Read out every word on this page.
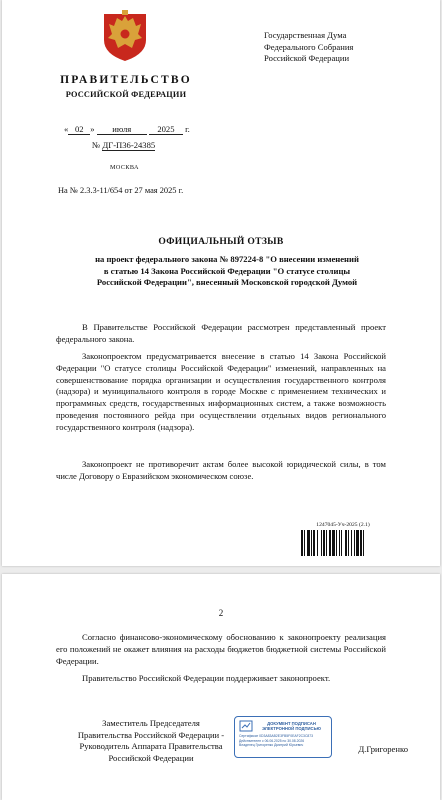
ПРАВИТЕЛЬСТВО
РОССИЙСКОЙ ФЕДЕРАЦИИ
Государственная Дума
Федерального Собрания
Российской Федерации
« 02 » июля	2025 г.
№ ДГ-П36-24385
МОСКВА
На № 2.3.3-11/654 от 27 мая 2025 г.
ОФИЦИАЛЬНЫЙ ОТЗЫВ
на проект федерального закона № 897224-8 "О внесении изменений
в статью 14 Закона Российской Федерации "О статусе столицы
Российской Федерации", внесенный Московской городской Думой

В Правительстве Российской Федерации рассмотрен представленный проект федерального закона.

Законопроектом предусматривается внесение в статью 14 Закона Российской Федерации "О статусе столицы Российской Федерации" изменений, направленных на совершенствование порядка организации и осуществления государственного контроля (надзора) и муниципального контроля в городе Москве с применением технических и программных средств, государственных информационных систем, а также возможность проведения постоянного рейда при осуществлении отдельных видов регионального государственного контроля (надзора).

Законопроект не противоречит актам более высокой юридической силы, в том числе Договору о Евразийском экономическом союзе.

1247045-Уч-2025 (2.1)
2

Согласно финансово-экономическому обоснованию к законопроекту реализация его положений не окажет влияния на расходы бюджетов бюджетной системы Российской Федерации.

Правительство Российской Федерации поддерживает законопроект.

Заместитель Председателя
Правительства Российской Федерации -
Руководитель Аппарата Правительства
Российской Федерации
ДОКУМЕНТ ПОДПИСАН
ЭЛЕКТРОННОЙ ПОДПИСЬЮ
Сертификат 0D3A83AB2E3FB5F0EAF2C3C873
Действителен с 06.06.2025 по 30.08.2026
Владелец Григоренко Дмитрий Юрьевич	Д.Григоренко
